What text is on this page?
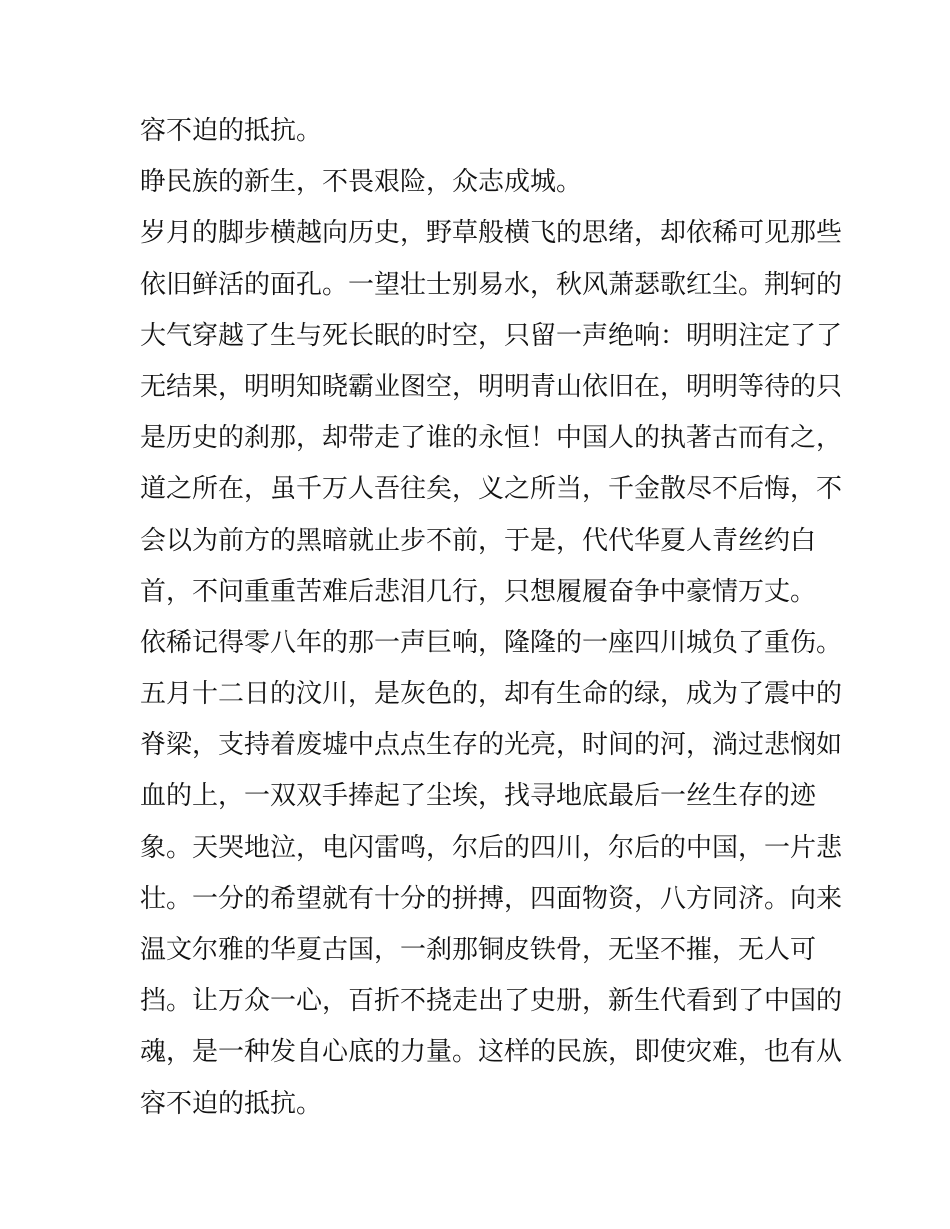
容不迫的抵抗。
睁民族的新生，不畏艰险，众志成城。
岁月的脚步横越向历史，野草般横飞的思绪，却依稀可见那些
依旧鲜活的面孔。一望壮士别易水，秋风萧瑟歌红尘。荆轲的
大气穿越了生与死长眠的时空，只留一声绝响：明明注定了了
无结果，明明知晓霸业图空，明明青山依旧在，明明等待的只
是历史的刹那，却带走了谁的永恒！中国人的执著古而有之，
道之所在，虽千万人吾往矣，义之所当，千金散尽不后悔，不
会以为前方的黑暗就止步不前，于是，代代华夏人青丝约白
首，不问重重苦难后悲泪几行，只想履履奋争中豪情万丈。
依稀记得零八年的那一声巨响，隆隆的一座四川城负了重伤。
五月十二日的汶川，是灰色的，却有生命的绿，成为了震中的
脊梁，支持着废墟中点点生存的光亮，时间的河，淌过悲悯如
血的上，一双双手捧起了尘埃，找寻地底最后一丝生存的迹
象。天哭地泣，电闪雷鸣，尔后的四川，尔后的中国，一片悲
壮。一分的希望就有十分的拼搏，四面物资，八方同济。向来
温文尔雅的华夏古国，一刹那铜皮铁骨，无坚不摧，无人可
挡。让万众一心，百折不挠走出了史册，新生代看到了中国的
魂，是一种发自心底的力量。这样的民族，即使灾难，也有从
容不迫的抵抗。
